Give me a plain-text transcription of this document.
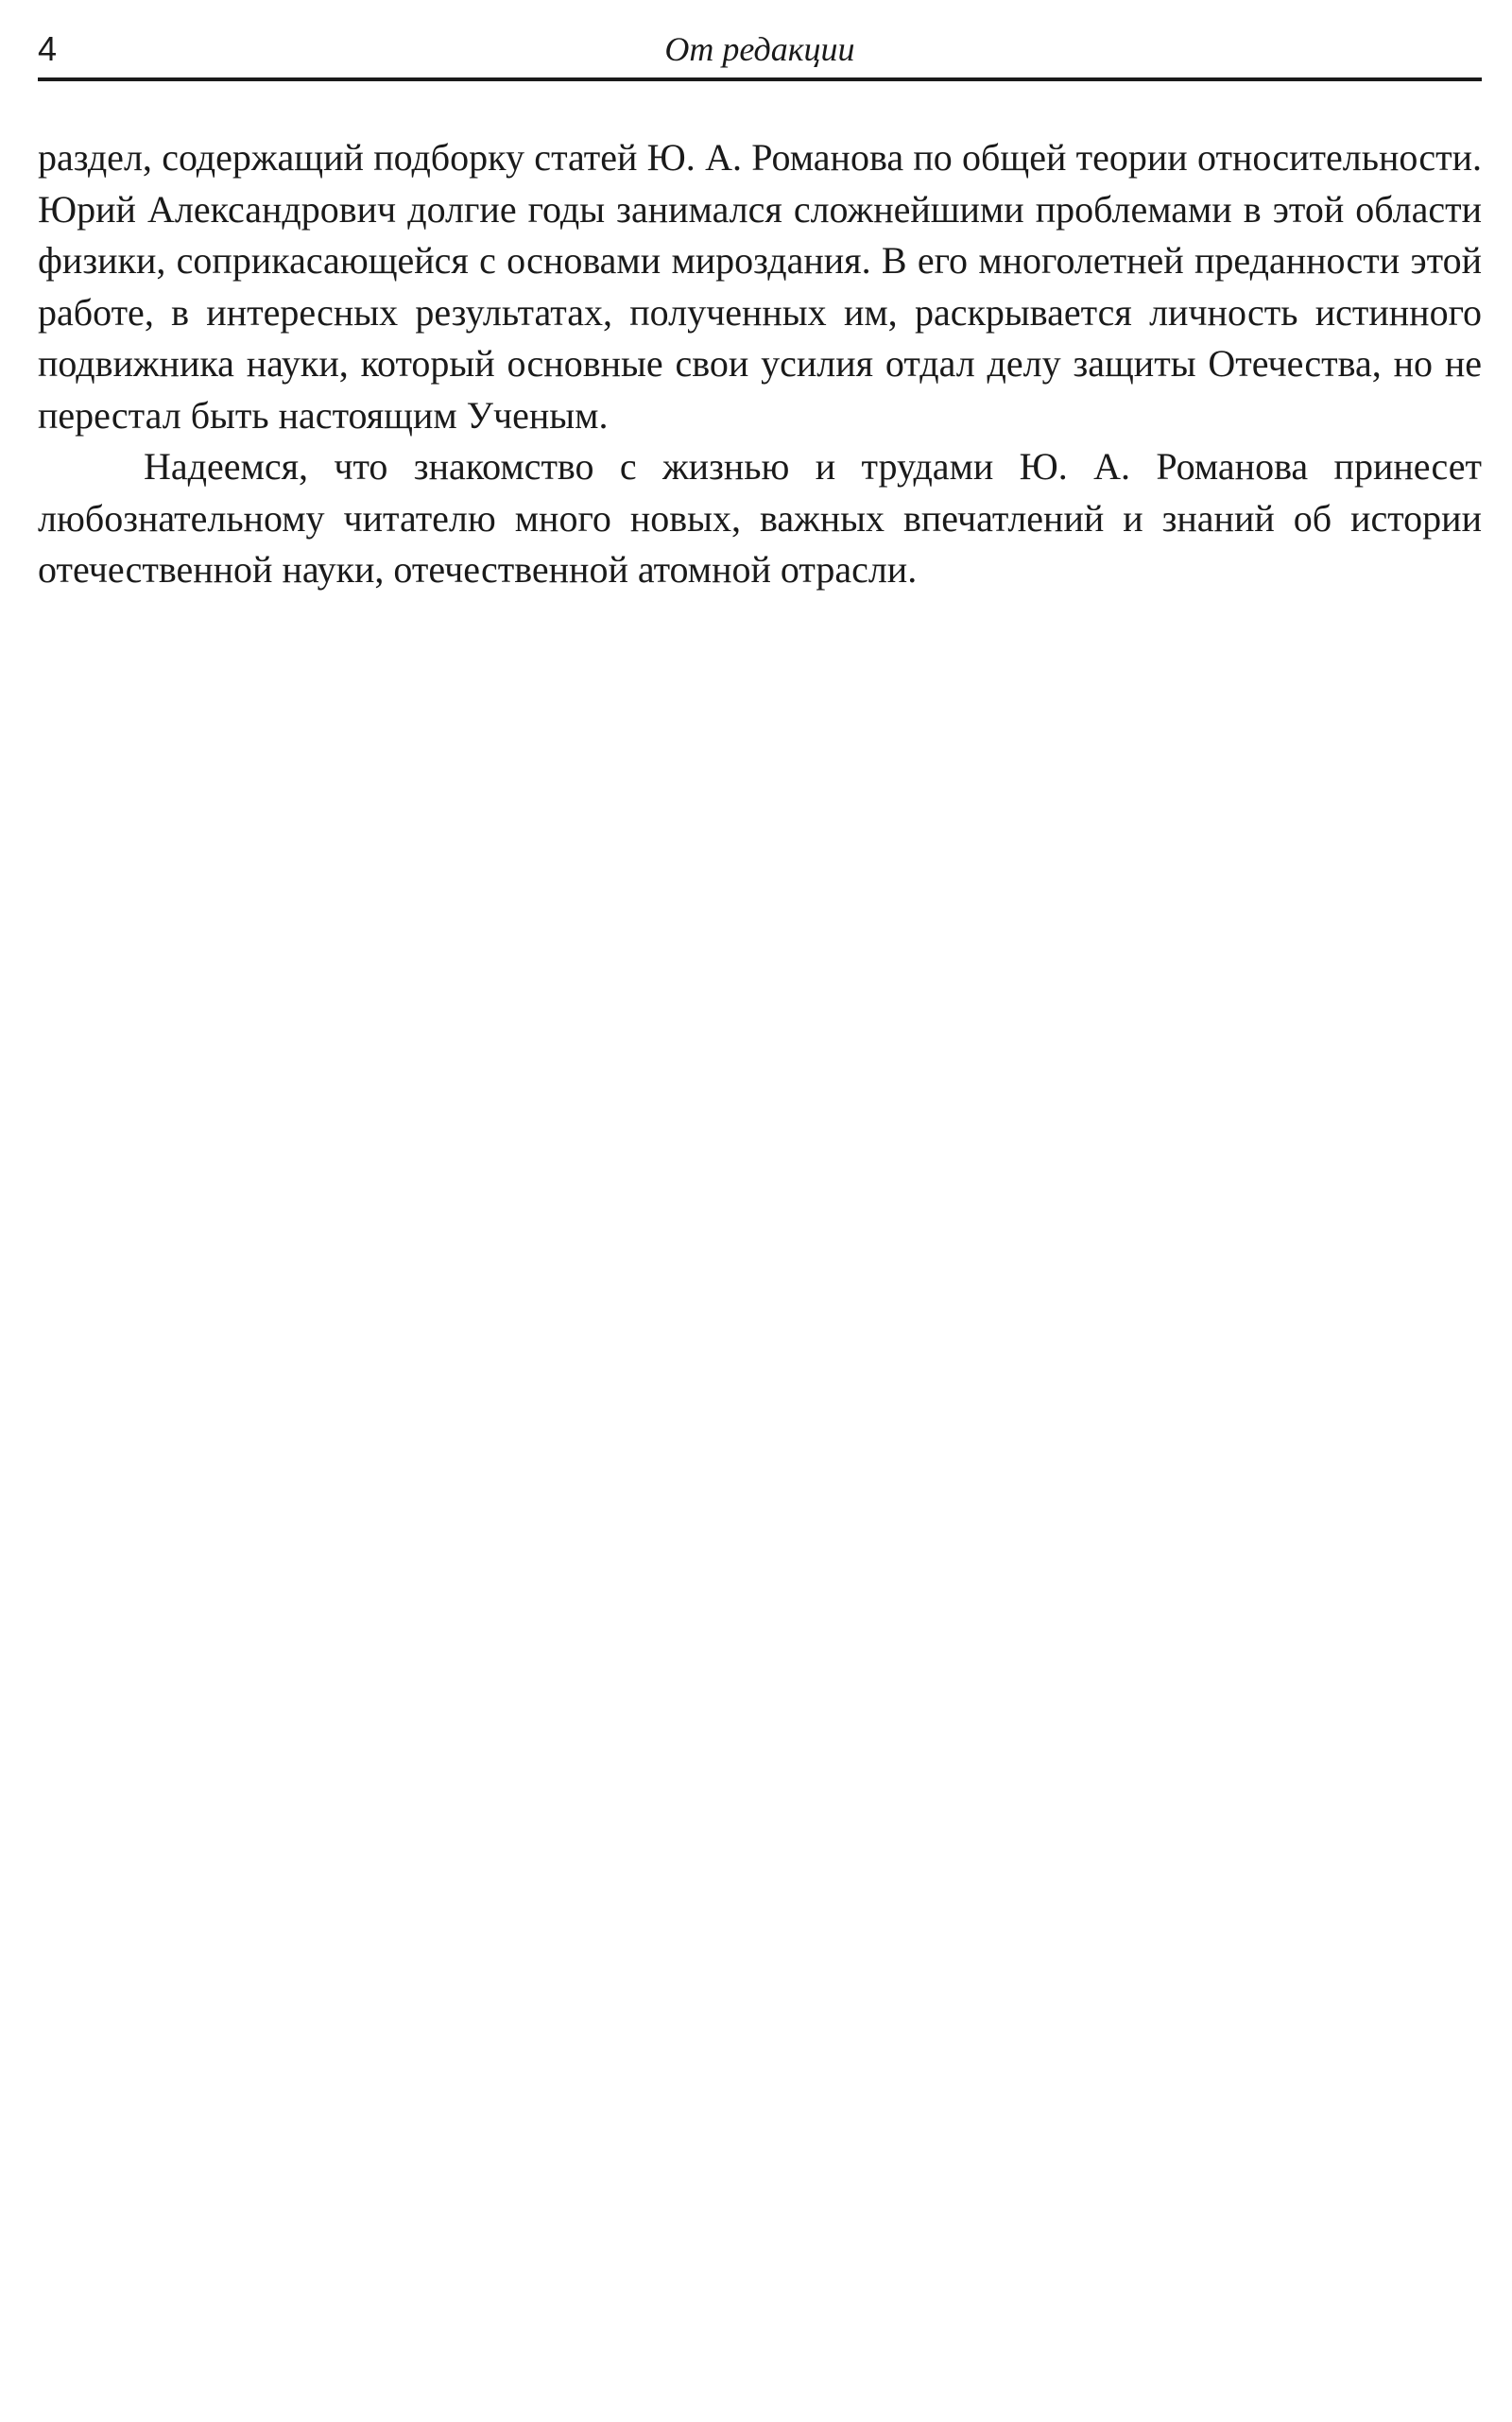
4	От редакции

раздел, содержащий подборку статей Ю. А. Романова по общей теории относительности. Юрий Александрович долгие годы занимался сложнейшими проблемами в этой области физики, соприкасающейся с основами мироздания. В его многолетней преданности этой работе, в интересных результатах, полученных им, раскрывается личность истинного подвижника науки, который основные свои усилия отдал делу защиты Отечества, но не перестал быть настоящим Ученым.

Надеемся, что знакомство с жизнью и трудами Ю. А. Романова принесет любознательному читателю много новых, важных впечатлений и знаний об истории отечественной науки, отечественной атомной отрасли.
